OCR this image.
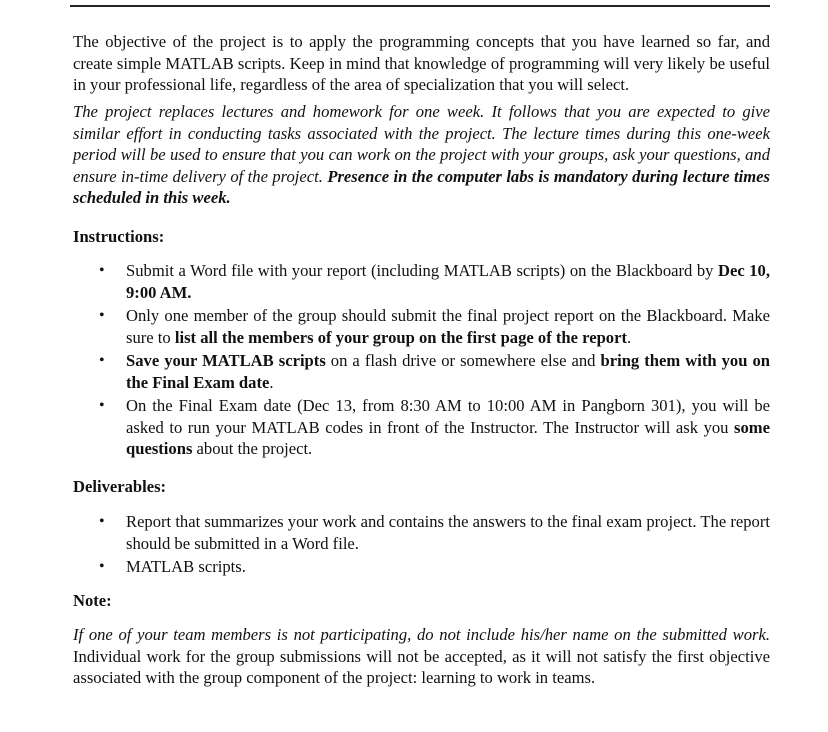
The objective of the project is to apply the programming concepts that you have learned so far, and create simple MATLAB scripts. Keep in mind that knowledge of programming will very likely be useful in your professional life, regardless of the area of specialization that you will select.

The project replaces lectures and homework for one week. It follows that you are expected to give similar effort in conducting tasks associated with the project. The lecture times during this one-week period will be used to ensure that you can work on the project with your groups, ask your questions, and ensure in-time delivery of the project. Presence in the computer labs is mandatory during lecture times scheduled in this week.

Instructions:
• Submit a Word file with your report (including MATLAB scripts) on the Blackboard by Dec 10, 9:00 AM.
• Only one member of the group should submit the final project report on the Blackboard. Make sure to list all the members of your group on the first page of the report.
• Save your MATLAB scripts on a flash drive or somewhere else and bring them with you on the Final Exam date.
• On the Final Exam date (Dec 13, from 8:30 AM to 10:00 AM in Pangborn 301), you will be asked to run your MATLAB codes in front of the Instructor. The Instructor will ask you some questions about the project.
Deliverables:
• Report that summarizes your work and contains the answers to the final exam project. The report should be submitted in a Word file.
• MATLAB scripts.
Note:

If one of your team members is not participating, do not include his/her name on the submitted work. Individual work for the group submissions will not be accepted, as it will not satisfy the first objective associated with the group component of the project: learning to work in teams.
